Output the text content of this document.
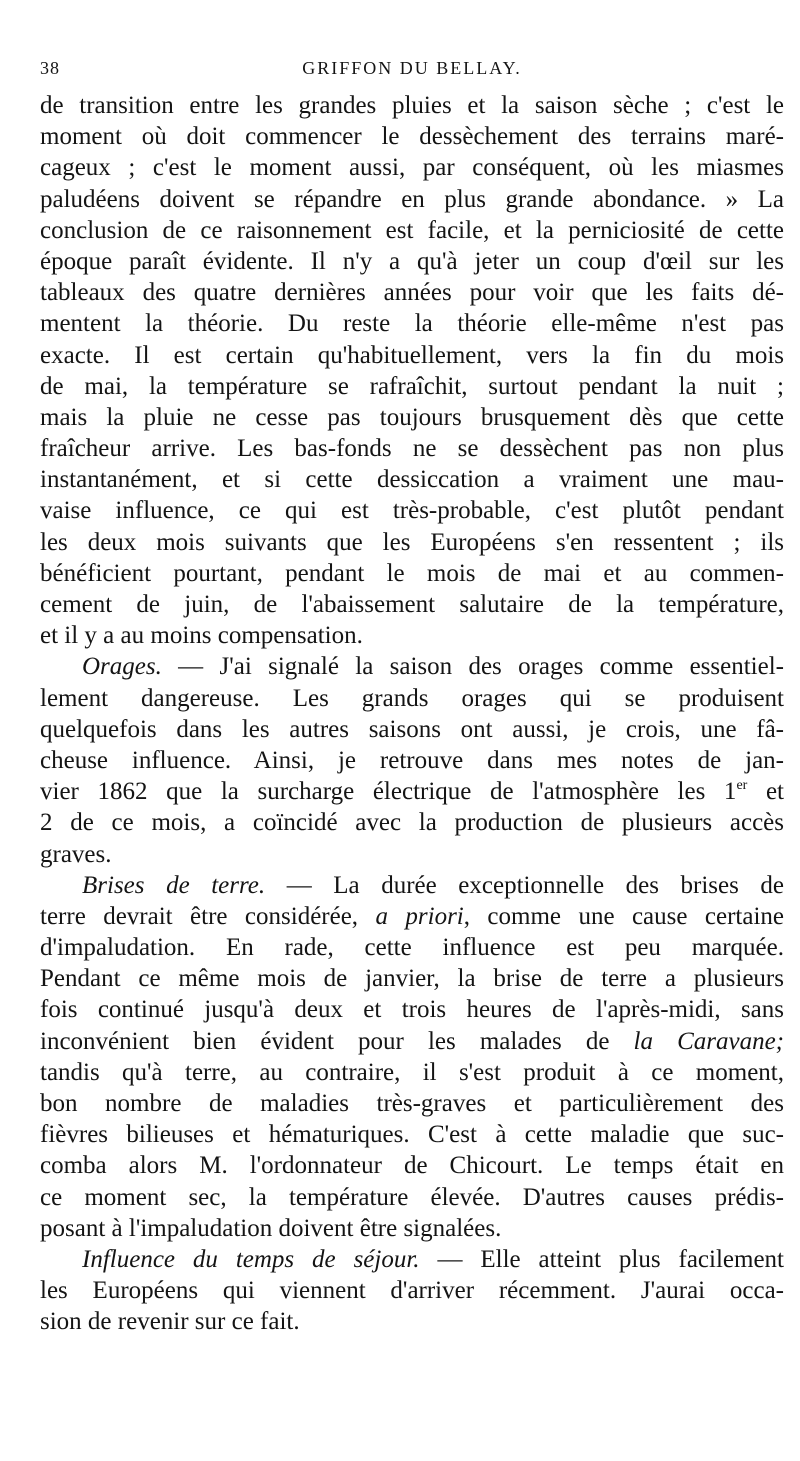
38	GRIFFON DU BELLAY.
de transition entre les grandes pluies et la saison sèche ; c'est le
moment où doit commencer le dessèchement des terrains maré-
cageux ; c'est le moment aussi, par conséquent, où les miasmes
paludéens doivent se répandre en plus grande abondance. » La
conclusion de ce raisonnement est facile, et la perniciosité de cette
époque paraît évidente. Il n'y a qu'à jeter un coup d'œil sur les
tableaux des quatre dernières années pour voir que les faits dé-
mentent la théorie. Du reste la théorie elle-même n'est pas
exacte. Il est certain qu'habituellement, vers la fin du mois
de mai, la température se rafraîchit, surtout pendant la nuit ;
mais la pluie ne cesse pas toujours brusquement dès que cette
fraîcheur arrive. Les bas-fonds ne se dessèchent pas non plus
instantanément, et si cette dessiccation a vraiment une mau-
vaise influence, ce qui est très-probable, c'est plutôt pendant
les deux mois suivants que les Européens s'en ressentent ; ils
bénéficient pourtant, pendant le mois de mai et au commen-
cement de juin, de l'abaissement salutaire de la température,
et il y a au moins compensation.
Orages. — J'ai signalé la saison des orages comme essentiel-
lement dangereuse. Les grands orages qui se produisent
quelquefois dans les autres saisons ont aussi, je crois, une fâ-
cheuse influence. Ainsi, je retrouve dans mes notes de jan-
vier 1862 que la surcharge électrique de l'atmosphère les 1er et
2 de ce mois, a coïncidé avec la production de plusieurs accès
graves.
Brises de terre. — La durée exceptionnelle des brises de
terre devrait être considérée, a priori, comme une cause certaine
d'impaludation. En rade, cette influence est peu marquée.
Pendant ce même mois de janvier, la brise de terre a plusieurs
fois continué jusqu'à deux et trois heures de l'après-midi, sans
inconvénient bien évident pour les malades de la Caravane;
tandis qu'à terre, au contraire, il s'est produit à ce moment,
bon nombre de maladies très-graves et particulièrement des
fièvres bilieuses et hématuriques. C'est à cette maladie que suc-
comba alors M. l'ordonnateur de Chicourt. Le temps était en
ce moment sec, la température élevée. D'autres causes prédis-
posant à l'impaludation doivent être signalées.
Influence du temps de séjour. — Elle atteint plus facilement
les Européens qui viennent d'arriver récemment. J'aurai occa-
sion de revenir sur ce fait.
